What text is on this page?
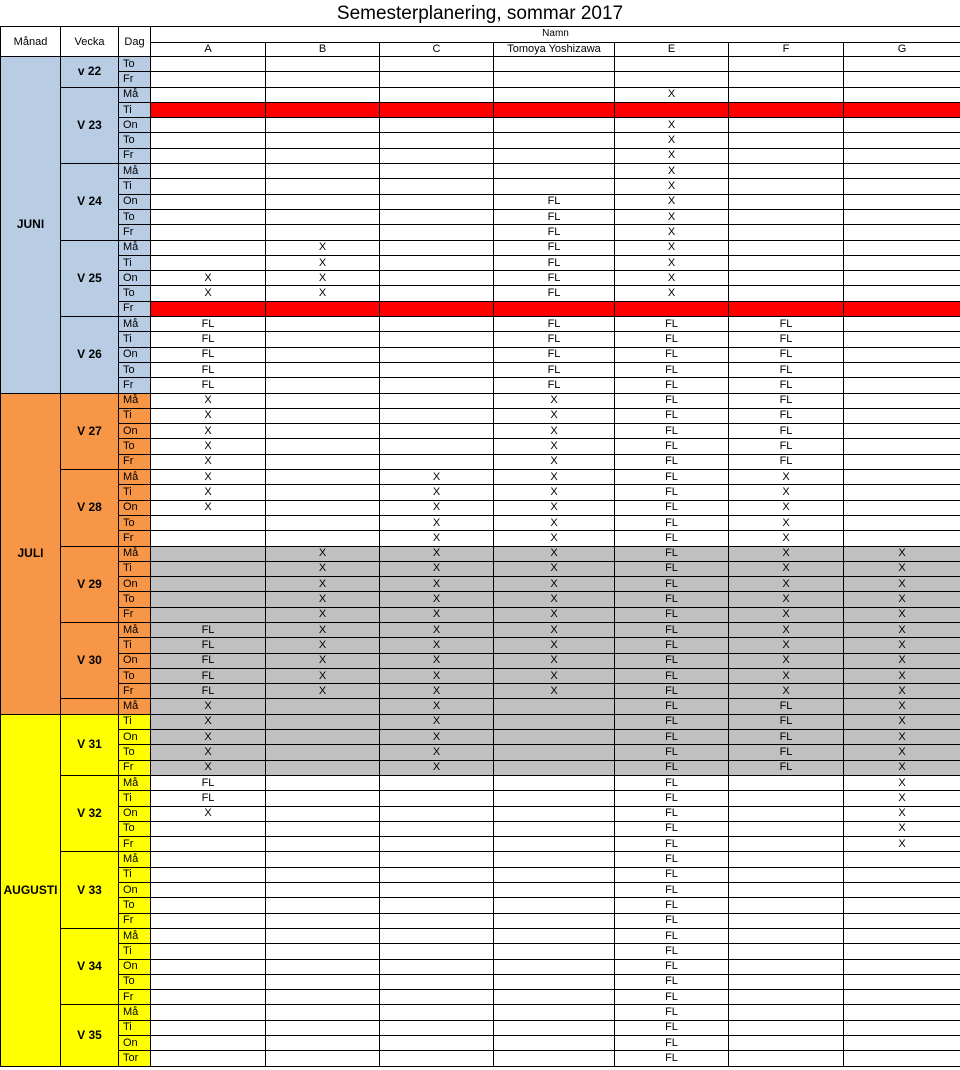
Semesterplanering, sommar 2017
Månad	Vecka	Dag	Namn						
			A	B	C	Tomoya Yoshizawa	E	F	G
JUNI	v 22	To							
		Fr							
	V 23	Må					X		
		Ti							
		On					X		
		To					X		
		Fr					X		
	V 24	Må					X		
		Ti					X		
		On				FL	X		
		To				FL	X		
		Fr				FL	X		
	V 25	Må		X		FL	X		
		Ti		X		FL	X		
		On	X	X		FL	X		
		To	X	X		FL	X		
		Fr							
	V 26	Må	FL			FL	FL	FL	
		Ti	FL			FL	FL	FL	
		On	FL			FL	FL	FL	
		To	FL			FL	FL	FL	
		Fr	FL			FL	FL	FL	
JULI	V 27	Må	X			X	FL	FL	
		Ti	X			X	FL	FL	
		On	X			X	FL	FL	
		To	X			X	FL	FL	
		Fr	X			X	FL	FL	
	V 28	Må	X		X	X	FL	X	
		Ti	X		X	X	FL	X	
		On	X		X	X	FL	X	
		To			X	X	FL	X	
		Fr			X	X	FL	X	
	V 29	Må		X	X	X	FL	X	X
		Ti		X	X	X	FL	X	X
		On		X	X	X	FL	X	X
		To		X	X	X	FL	X	X
		Fr		X	X	X	FL	X	X
	V 30	Må	FL	X	X	X	FL	X	X
		Ti	FL	X	X	X	FL	X	X
		On	FL	X	X	X	FL	X	X
		To	FL	X	X	X	FL	X	X
		Fr	FL	X	X	X	FL	X	X
		Må	X		X		FL	FL	X
AUGUSTI	V 31	Ti	X		X		FL	FL	X
		On	X		X		FL	FL	X
		To	X		X		FL	FL	X
		Fr	X		X		FL	FL	X
	V 32	Må	FL				FL		X
		Ti	FL				FL		X
		On	X				FL		X
		To					FL		X
		Fr					FL		X
	V 33	Må					FL		
		Ti					FL		
		On					FL		
		To					FL		
		Fr					FL		
	V 34	Må					FL		
		Ti					FL		
		On					FL		
		To					FL		
		Fr					FL		
	V 35	Må					FL		
		Ti					FL		
		On					FL		
		Tor					FL		
